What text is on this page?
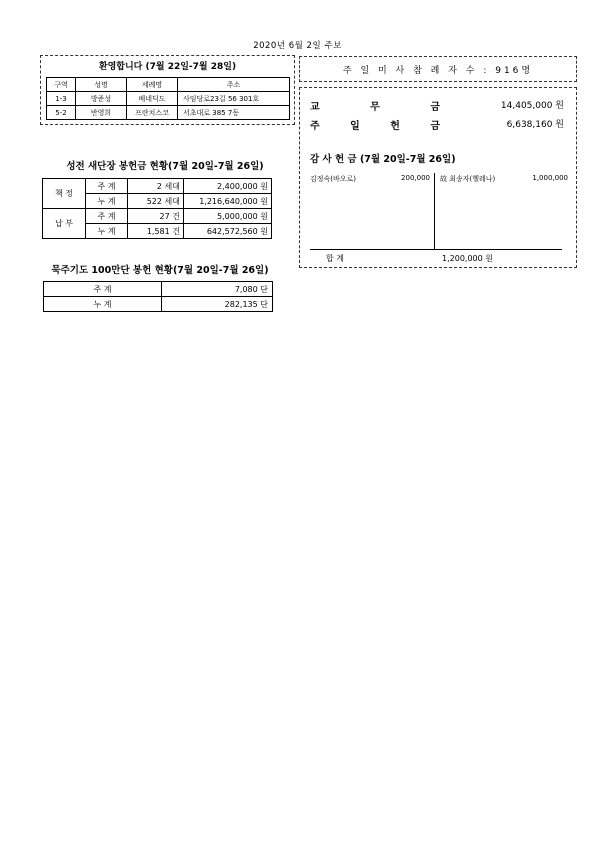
2020년 6월 2일 주보
환영합니다 (7월 22일-7월 28일)
구역	성명	세례명	주소
1-3	방준성	베네딕도	사임당로23길 56 301호
5-2	반영희	프란치스코	서초대로 385 7동
주 일 미 사 참 례 자 수 : 916명
교	무	금	14,405,000 원
주	일	헌	금	6,638,160 원
감 사 헌 금 (7월 20일-7월 26일)
김정숙(바오로)	200,000 故 최송자(헬레나)	1,000,000
합 계	1,200,000 원
성전 새단장 봉헌금 현황(7월 20일-7월 26일)
책 정	주 계	2 세대	2,400,000 원
	누 계	522 세대	1,216,640,000 원
납 부	주 계	27 건	5,000,000 원
	누 계	1,581 건	642,572,560 원
묵주기도 100만단 봉헌 현황(7월 20일-7월 26일)
주 계	7,080 단
누 계	282,135 단
